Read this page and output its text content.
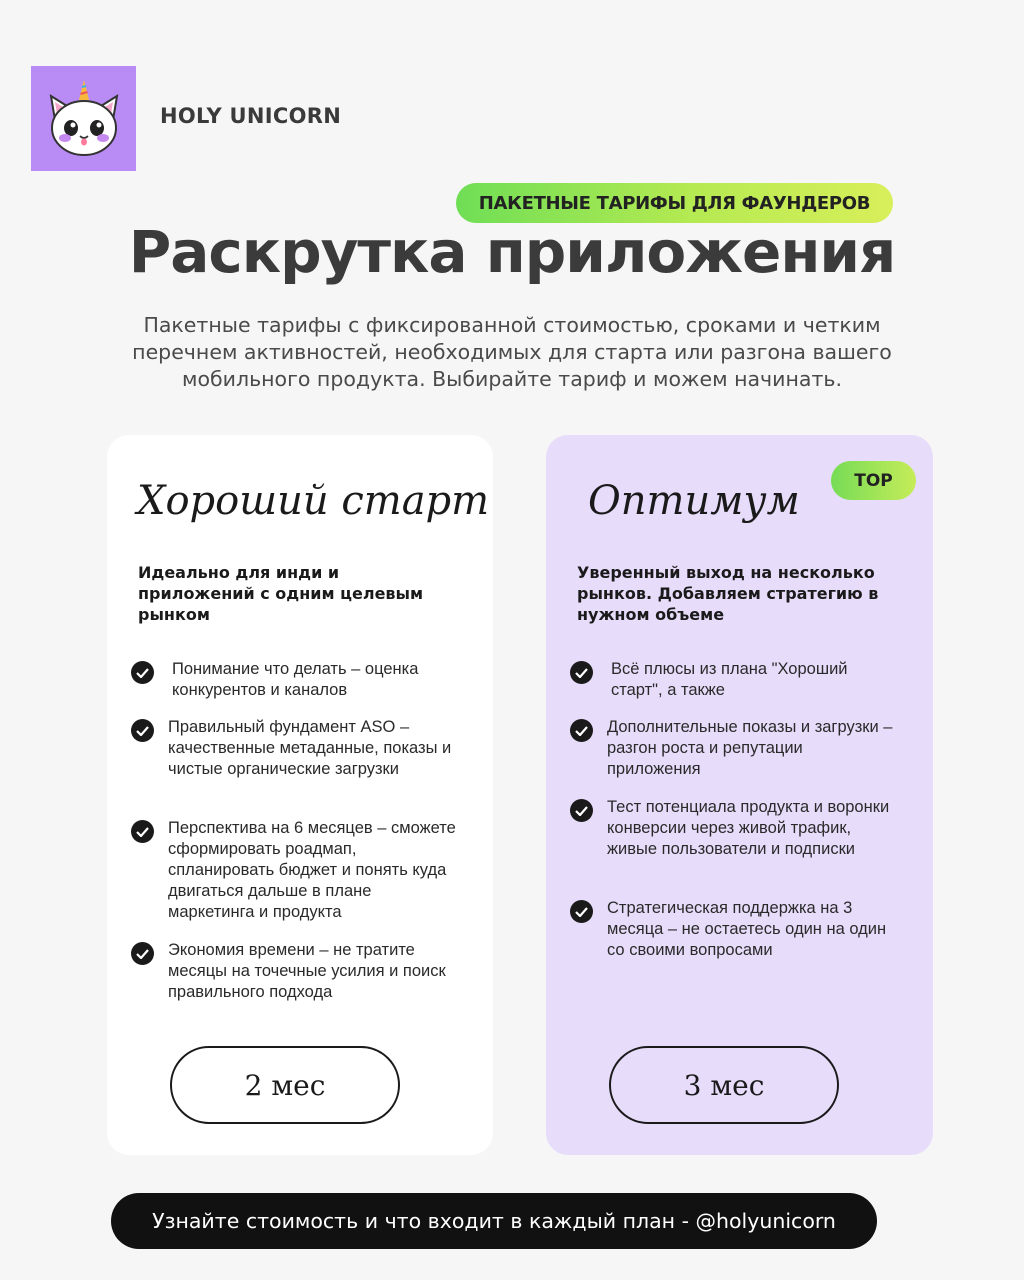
HOLY UNICORN
ПАКЕТНЫЕ ТАРИФЫ ДЛЯ ФАУНДЕРОВ
Раскрутка приложения
Пакетные тарифы с фиксированной стоимостью, сроками и четким
перечнем активностей, необходимых для старта или разгона вашего
мобильного продукта. Выбирайте тариф и можем начинать.
Хороший старт
Идеально для инди и приложений с одним целевым рынком
Понимание что делать – оценка конкурентов и каналов
Правильный фундамент ASO – качественные метаданные, показы и чистые органические загрузки
Перспектива на 6 месяцев – сможете сформировать роадмап, спланировать бюджет и понять куда двигаться дальше в плане маркетинга и продукта
Экономия времени – не тратите месяцы на точечные усилия и поиск правильного подхода
2 мес
TOP
Оптимум
Уверенный выход на несколько рынков. Добавляем стратегию в нужном объеме
Всё плюсы из плана "Хороший старт", а также
Дополнительные показы и загрузки – разгон роста и репутации приложения
Тест потенциала продукта и воронки конверсии через живой трафик, живые пользователи и подписки
Стратегическая поддержка на 3 месяца – не остаетесь один на один со своими вопросами
3 мес
Узнайте стоимость и что входит в каждый план - @holyunicorn
